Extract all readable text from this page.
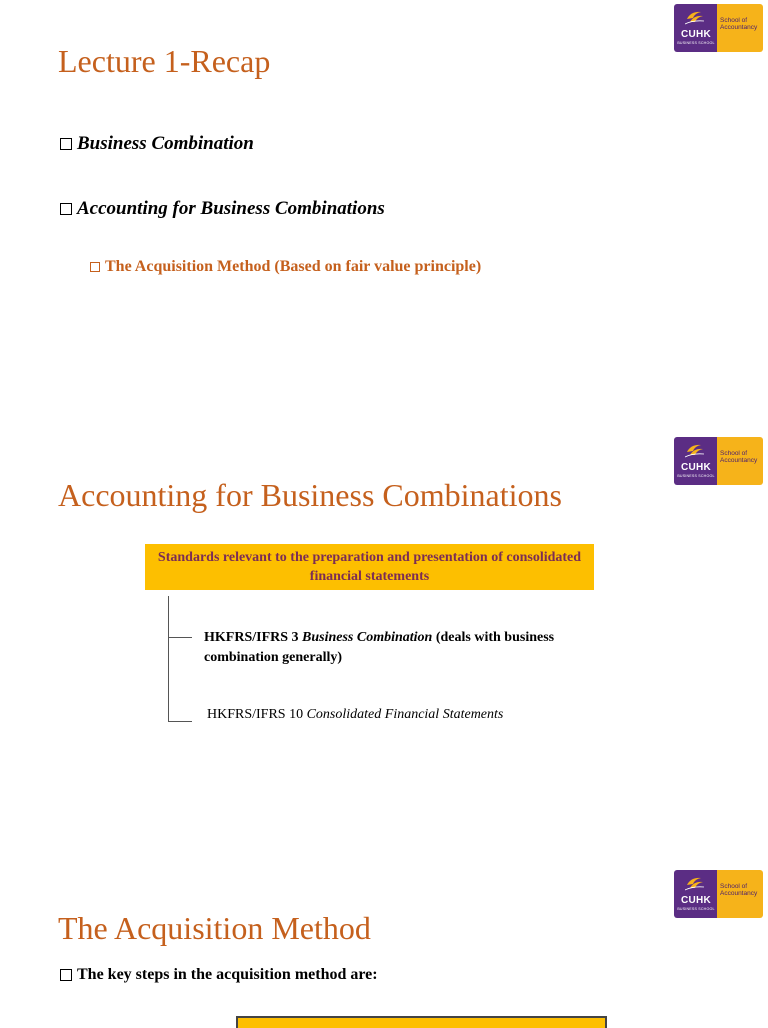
CUHK
BUSINESS SCHOOL
School of
Accountancy
Lecture 1-Recap
Business Combination
Accounting for Business Combinations
The Acquisition Method (Based on fair value principle)
CUHK
BUSINESS SCHOOL
School of
Accountancy
Accounting for Business Combinations
Standards relevant to the preparation and presentation of consolidated financial statements
HKFRS/IFRS 3 Business Combination (deals with business combination generally)
HKFRS/IFRS 10 Consolidated Financial Statements
CUHK
BUSINESS SCHOOL
School of
Accountancy
The Acquisition Method
The key steps in the acquisition method are:
